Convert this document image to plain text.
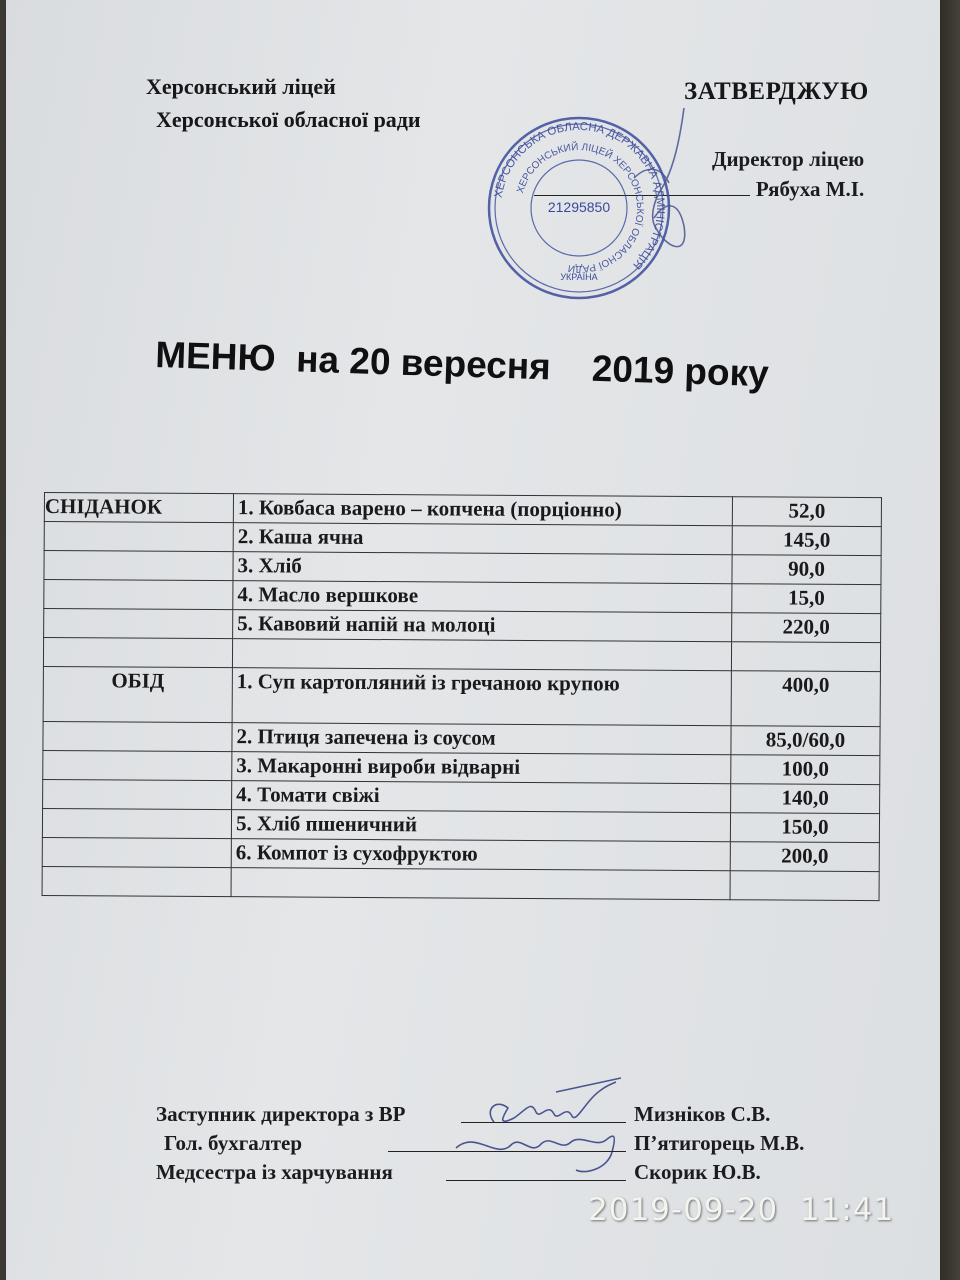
Херсонський ліцей
Херсонської обласної ради
ЗАТВЕРДЖУЮ
Директор ліцею
Рябуха М.І.
ХЕРСОНСЬКА ОБЛАСНА ДЕРЖАВНА АДМІНІСТРАЦІЯ
ХЕРСОНСЬКИЙ ЛІЦЕЙ ХЕРСОНСЬКОЇ ОБЛАСНОЇ РАДИ
21295850
УКРАЇНА
МЕНЮ  на 20 вересня    2019 року
СНІДАНОК	1. Ковбаса варено – копчена (порціонно)	52,0
	2. Каша ячна	145,0
	3. Хліб	90,0
	4. Масло вершкове	15,0
	5. Кавовий напій на молоці	220,0

ОБІД	1. Суп картопляний із гречаною крупою	400,0
	2. Птиця запечена із соусом	85,0/60,0
	3. Макаронні вироби відварні	100,0
	4. Томати свіжі	140,0
	5. Хліб пшеничний	150,0
	6. Компот із сухофруктою	200,0

Заступник директора з ВР	Мизніков С.В.
Гол. бухгалтер	П’ятигорець М.В.
Медсестра із харчування	Скорик Ю.В.
2019-09-20  11:41
